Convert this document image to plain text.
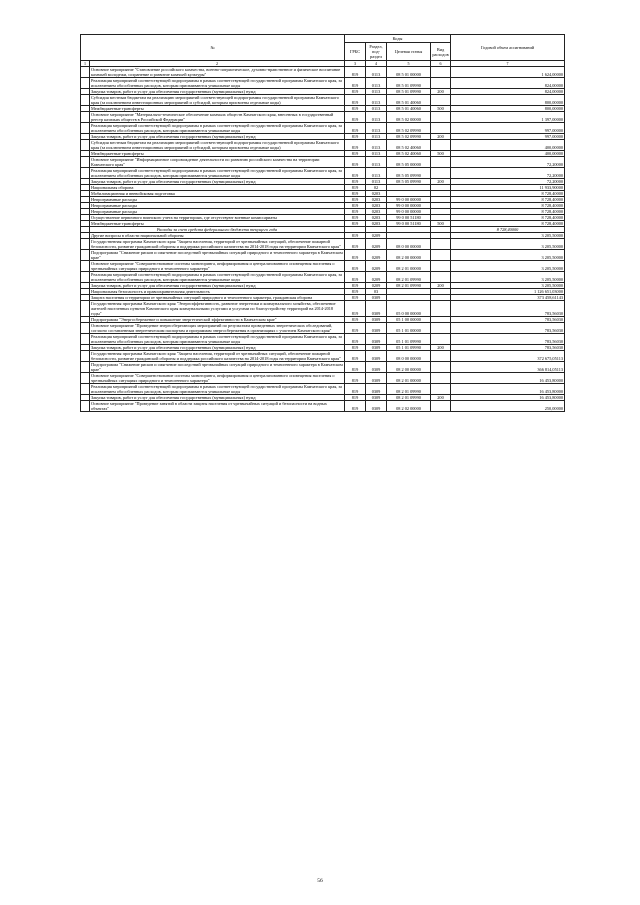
№		Коды				Годовой объем ассигнований
		ГРБС	Раздел, под-раздел	Целевая статья	Вид расходов	
1	2	3	4	5	6	7
	Основное мероприятие "Становление российского казачества, военно-патриотическое, духовно-нравственное и физическое воспитание казачьей молодежи, сохранение и развитие казачьей культуры"	819	0113	08 5 01 00000		1 624,00000
	Реализация мероприятий соответствующей подпрограммы в рамках соответствующей государственной программы Камчатского края, за исключением обособленных расходов, которым присваиваются уникальные коды	819	0113	08 5 01 09990		824,00000
	Закупка товаров, работ и услуг для обеспечения государственных (муниципальных) нужд	819	0113	08 5 01 09990	200	824,00000
	Субсидия местным бюджетам на реализацию мероприятий соответствующей подпрограммы государственной программы Камчатского края (за исключением инвестиционных мероприятий и субсидий, которым присвоены отдельные коды)	819	0113	08 5 01 40060		800,00000
	Межбюджетные трансферты	819	0113	08 5 01 40060	500	800,00000
	Основное мероприятие "Материально-техническое обеспечение казачьих обществ Камчатского края, внесенных в государственный реестр казачьих обществ в Российской Федерации"	819	0113	08 5 02 00000		1 397,00000
	Реализация мероприятий соответствующей подпрограммы в рамках соответствующей государственной программы Камчатского края, за исключением обособленных расходов, которым присваиваются уникальные коды	819	0113	08 5 02 09990		997,00000
	Закупка товаров, работ и услуг для обеспечения государственных (муниципальных) нужд	819	0113	08 5 02 09990	200	997,00000
	Субсидия местным бюджетам на реализацию мероприятий соответствующей подпрограммы государственной программы Камчатского края (за исключением инвестиционных мероприятий и субсидий, которым присвоены отдельные коды)	819	0113	08 5 02 40060		400,00000
	Межбюджетные трансферты	819	0113	08 5 02 40060	500	400,00000
	Основное мероприятие "Информационное сопровождение деятельности по развитию российского казачества на территории Камчатского края"	819	0113	08 5 05 00000		72,20000
	Реализация мероприятий соответствующей подпрограммы в рамках соответствующей государственной программы Камчатского края, за исключением обособленных расходов, которым присваиваются уникальные коды	819	0113	08 5 05 09990		72,20000
	Закупка товаров, работ и услуг для обеспечения государственных (муниципальных) нужд	819	0113	08 5 05 09990	200	72,20000
	Национальная оборона	819	02			11 933,90000
	Мобилизационная и вневойсковая подготовка	819	0203			8 728,40000
	Непрограммные расходы	819	0203	99 0 00 00000		8 728,40000
	Непрограммные расходы	819	0203	99 0 00 00000		8 728,40000
	Непрограммные расходы	819	0203	99 0 00 00000		8 728,40000
	Осуществление первичного воинского учета на территориях, где отсутствуют военные комиссариаты	819	0203	99 0 00 51180		8 728,40000
	Межбюджетные трансферты	819	0203	99 0 00 51180	500	8 728,40000
	Расходы за счет средств федерального бюджета текущего года					8 728,40000
	Другие вопросы в области национальной обороны	819	0209			3 205,50000
	Государственная программа Камчатского края "Защита населения, территорий от чрезвычайных ситуаций, обеспечение пожарной безопасности, развитие гражданской обороны и поддержка российского казачества на 2014-2018 годы на территории Камчатского края"	819	0209	08 0 00 00000		3 205,50000
	Подпрограмма "Снижение рисков и смягчение последствий чрезвычайных ситуаций природного и техногенного характера в Камчатском крае"	819	0209	08 2 00 00000		3 205,50000
	Основное мероприятие "Совершенствование системы мониторинга, информирования и централизованного оповещения населения о чрезвычайных ситуациях природного и техногенного характера"	819	0209	08 2 01 00000		3 205,50000
	Реализация мероприятий соответствующей подпрограммы в рамках соответствующей государственной программы Камчатского края, за исключением обособленных расходов, которым присваиваются уникальные коды	819	0209	08 2 01 09990		3 205,50000
	Закупка товаров, работ и услуг для обеспечения государственных (муниципальных) нужд	819	0209	08 2 01 09990	200	3 205,50000
	Национальная безопасность и правоохранительная деятельность	819	03			1 126 651,03000
	Защита населения и территории от чрезвычайных ситуаций природного и техногенного характера, гражданская оборона	819	0309			373 458,61143
	Государственная программа Камчатского края "Энергоэффективность, развитие энергетики и коммунального хозяйства, обеспечение жителей населенных пунктов Камчатского края коммунальными услугами и услугами по благоустройству территорий на 2014-2018 годы"	819	0309	05 0 00 00000		783,56030
	Подпрограмма "Энергосбережение и повышение энергетической эффективности в Камчатском крае"	819	0309	05 1 00 00000		783,56030
	Основное мероприятие "Проведение энергосберегающих мероприятий по результатам проведенных энергетических обследований, согласно составленным энергетическим паспортам и программам энергосбережения в организациях с участием Камчатского края"	819	0309	05 1 01 00000		783,56030
	Реализация мероприятий соответствующей подпрограммы в рамках соответствующей государственной программы Камчатского края, за исключением обособленных расходов, которым присваиваются уникальные коды	819	0309	05 1 01 09990		783,56030
	Закупка товаров, работ и услуг для обеспечения государственных (муниципальных) нужд	819	0309	05 1 01 09990	200	783,56030
	Государственная программа Камчатского края "Защита населения, территорий от чрезвычайных ситуаций, обеспечение пожарной безопасности, развитие гражданской обороны и поддержка российского казачества на 2014-2018 годы на территории Камчатского края"	819	0309	08 0 00 00000		372 675,05113
	Подпрограмма "Снижение рисков и смягчение последствий чрезвычайных ситуаций природного и техногенного характера в Камчатском крае"	819	0309	08 2 00 00000		366 814,05113
	Основное мероприятие "Совершенствование системы мониторинга, информирования и централизованного оповещения населения о чрезвычайных ситуациях природного и техногенного характера"	819	0309	08 2 01 00000		16 453,80000
	Реализация мероприятий соответствующей подпрограммы в рамках соответствующей государственной программы Камчатского края, за исключением обособленных расходов, которым присваиваются уникальные коды	819	0309	08 2 01 09990		16 453,80000
	Закупка товаров, работ и услуг для обеспечения государственных (муниципальных) нужд	819	0309	08 2 01 09990	200	16 453,80000
	Основное мероприятие "Проведение занятий в области защиты населения от чрезвычайных ситуаций и безопасности на водных объектах"	819	0309	08 2 02 00000		250,00000
56
